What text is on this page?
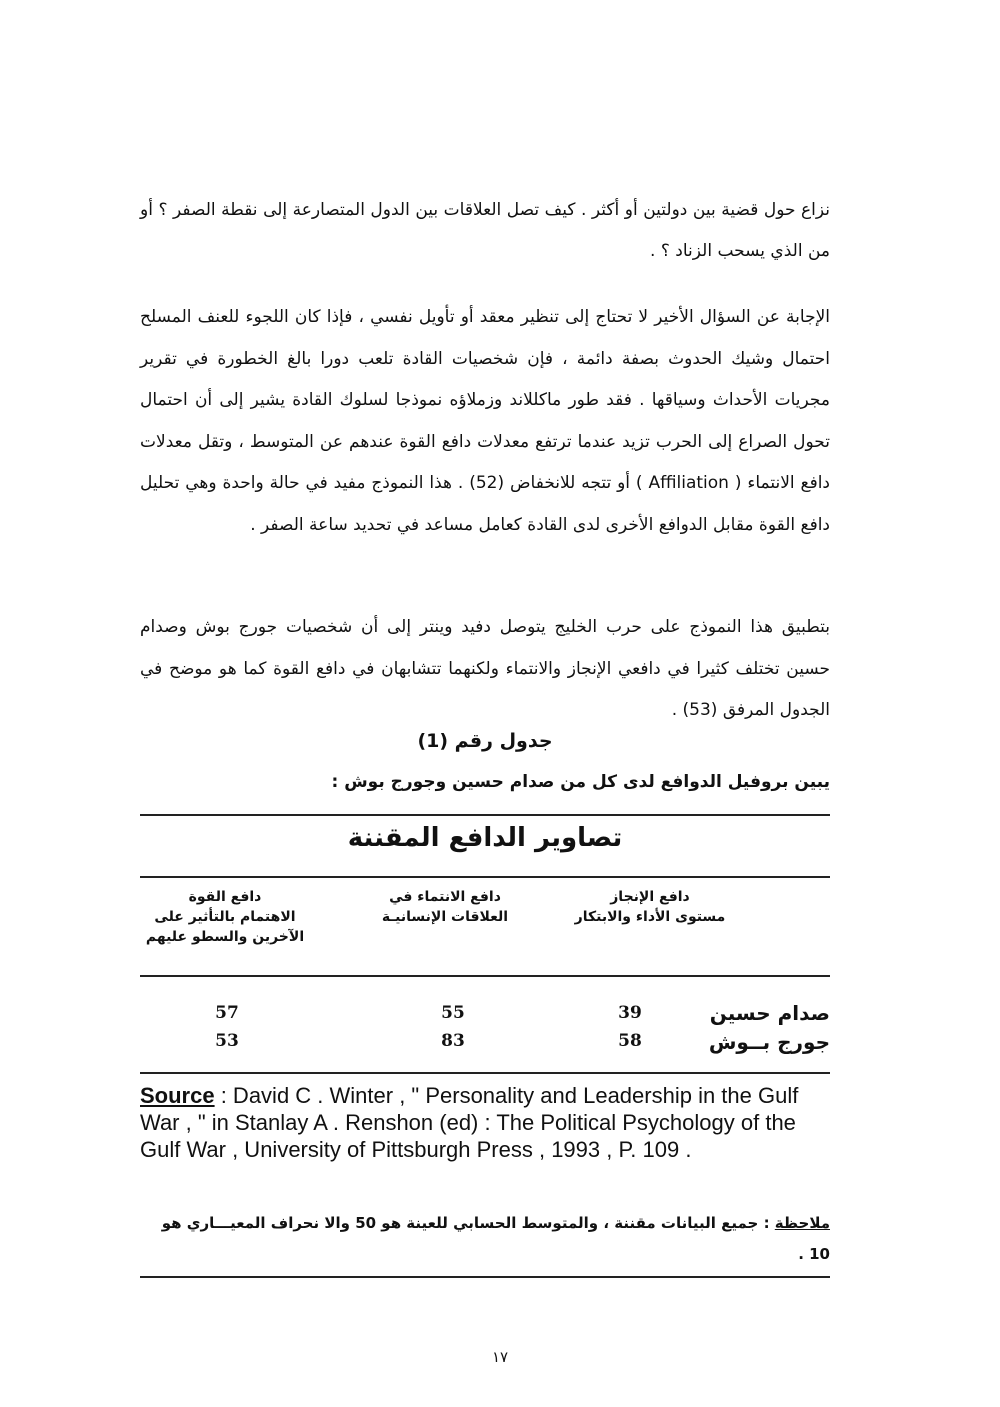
نزاع حول قضية بين دولتين أو أكثر . كيف تصل العلاقات بين الدول المتصارعة إلى نقطة الصفر ؟ أو من الذي يسحب الزناد ؟ .
الإجابة عن السؤال الأخير لا تحتاج إلى تنظير معقد أو تأويل نفسي ، فإذا كان اللجوء للعنف المسلح احتمال وشيك الحدوث بصفة دائمة ، فإن شخصيات القادة تلعب دورا بالغ الخطورة في تقرير مجريات الأحداث وسياقها . فقد طور ماكللاند وزملاؤه نموذجا لسلوك القادة يشير إلى أن احتمال تحول الصراع إلى الحرب تزيد عندما ترتفع معدلات دافع القوة عندهم عن المتوسط ، وتقل معدلات دافع الانتماء ( Affiliation ) أو تتجه للانخفاض (52) . هذا النموذج مفيد في حالة واحدة وهي تحليل دافع القوة مقابل الدوافع الأخرى لدى القادة كعامل مساعد في تحديد ساعة الصفر .
بتطبيق هذا النموذج على حرب الخليج يتوصل دفيد وينتر إلى أن شخصيات جورج بوش وصدام حسين تختلف كثيرا في دافعي الإنجاز والانتماء ولكنهما تتشابهان في دافع القوة كما هو موضح في الجدول المرفق (53) .
جدول رقم (1)
يبين بروفيل الدوافع لدى كل من صدام حسين وجورج بوش :
تصاوير الدافع المقننة
دافع الإنجاز
مستوى الأداء والابتكار
دافع الانتماء في
العلاقات الإنسانيـة
دافع القوة
الاهتمام بالتأثير على الآخرين والسطو عليهم
صدام حسين
39
55
57
جورج بــوش
58
83
53
Source : David C . Winter , " Personality and Leadership in the Gulf War , " in Stanlay A . Renshon (ed) : The Political Psychology of the Gulf War , University of Pittsburgh Press , 1993 , P. 109 .
ملاحظة : جميع البيانات مقننة ، والمتوسط الحسابي للعينة هو 50 والا نحراف المعيـــاري هو 10 .
١٧
